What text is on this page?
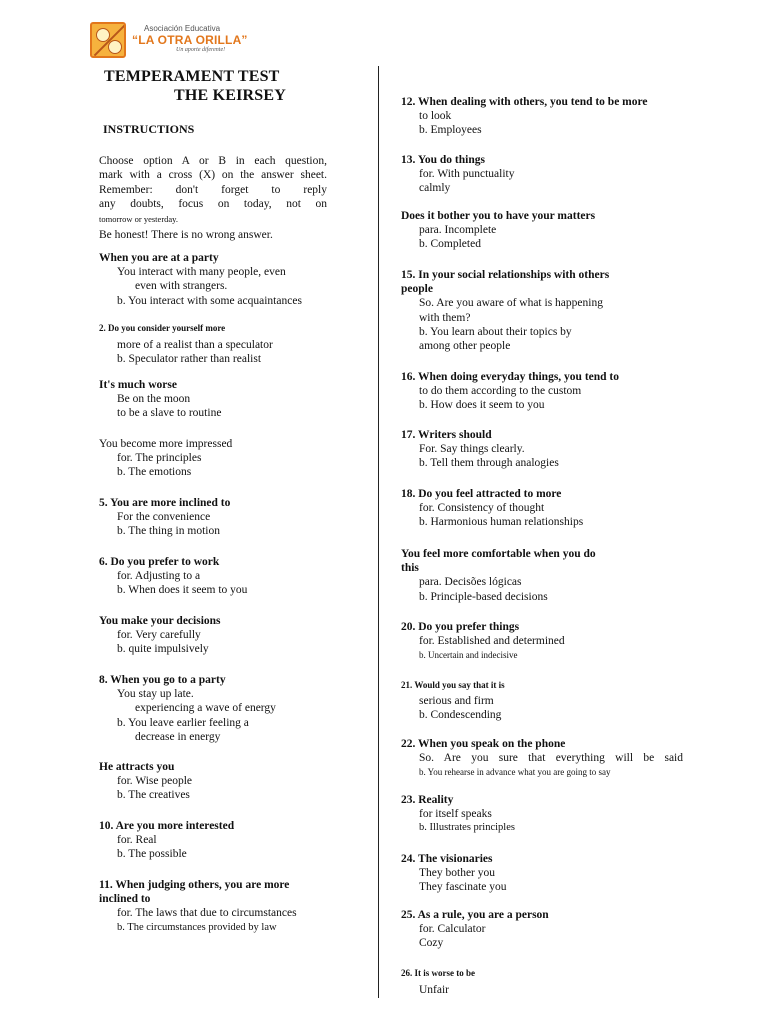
Asociación Educativa
“LA OTRA ORILLA”
Un aporte diferente!
TEMPERAMENT TEST
THE KEIRSEY
INSTRUCTIONS
Choose option A or B in each question,
mark with a cross (X) on the answer sheet.
Remember: don't forget to reply
any doubts, focus on today, not on
tomorrow or yesterday.
Be honest! There is no wrong answer.
When you are at a party
You interact with many people, even
even with strangers.
b. You interact with some acquaintances
2. Do you consider yourself more
more of a realist than a speculator
b. Speculator rather than realist
It's much worse
Be on the moon
to be a slave to routine
You become more impressed
for. The principles
b. The emotions
5. You are more inclined to
For the convenience
b. The thing in motion
6. Do you prefer to work
for. Adjusting to a
b. When does it seem to you
You make your decisions
for. Very carefully
b. quite impulsively
8. When you go to a party
You stay up late.
experiencing a wave of energy
b. You leave earlier feeling a
decrease in energy
He attracts you
for. Wise people
b. The creatives
10. Are you more interested
for. Real
b. The possible
11. When judging others, you are more
inclined to
for. The laws that due to circumstances
b. The circumstances provided by law
12. When dealing with others, you tend to be more
to look
b. Employees
13. You do things
for. With punctuality
calmly
Does it bother you to have your matters
para. Incomplete
b. Completed
15. In your social relationships with others
people
So. Are you aware of what is happening
with them?
b. You learn about their topics by
among other people
16. When doing everyday things, you tend to
to do them according to the custom
b. How does it seem to you
17. Writers should
For. Say things clearly.
b. Tell them through analogies
18. Do you feel attracted to more
for. Consistency of thought
b. Harmonious human relationships
You feel more comfortable when you do
this
para. Decisões lógicas
b. Principle-based decisions
20. Do you prefer things
for. Established and determined
b. Uncertain and indecisive
21. Would you say that it is
serious and firm
b. Condescending
22. When you speak on the phone
So. Are you sure that everything will be said
b. You rehearse in advance what you are going to say
23. Reality
for itself speaks
b. Illustrates principles
24. The visionaries
They bother you
They fascinate you
25. As a rule, you are a person
for. Calculator
Cozy
26. It is worse to be
Unfair
